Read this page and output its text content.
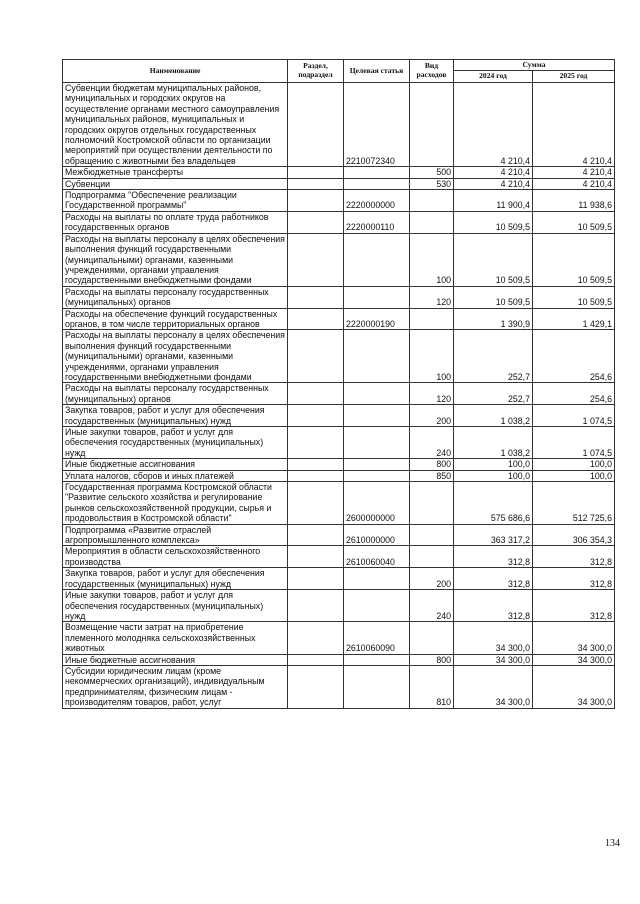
Наименование	Раздел, подраздел	Целевая статья	Вид расходов	Сумма	
				2024 год	2025 год
Субвенции бюджетам муниципальных районов, муниципальных и городских округов на осуществление органами местного самоуправления муниципальных районов, муниципальных и городских округов отдельных государственных полномочий Костромской области по организации мероприятий при осуществлении деятельности по обращению с животными без владельцев		2210072340		4 210,4	4 210,4
Межбюджетные трансферты			500	4 210,4	4 210,4
Субвенции			530	4 210,4	4 210,4
Подпрограмма "Обеспечение реализации Государственной программы"		2220000000		11 900,4	11 938,6
Расходы на выплаты по оплате труда работников государственных органов		2220000110		10 509,5	10 509,5
Расходы на выплаты персоналу в целях обеспечения выполнения функций государственными (муниципальными) органами, казенными учреждениями, органами управления государственными внебюджетными фондами			100	10 509,5	10 509,5
Расходы на выплаты персоналу государственных (муниципальных) органов			120	10 509,5	10 509,5
Расходы на обеспечение функций государственных органов, в том числе территориальных органов		2220000190		1 390,9	1 429,1
Расходы на выплаты персоналу в целях обеспечения выполнения функций государственными (муниципальными) органами, казенными учреждениями, органами управления государственными внебюджетными фондами			100	252,7	254,6
Расходы на выплаты персоналу государственных (муниципальных) органов			120	252,7	254,6
Закупка товаров, работ и услуг для обеспечения государственных (муниципальных) нужд			200	1 038,2	1 074,5
Иные закупки товаров, работ и услуг для обеспечения государственных (муниципальных) нужд			240	1 038,2	1 074,5
Иные бюджетные ассигнования			800	100,0	100,0
Уплата налогов, сборов и иных платежей			850	100,0	100,0
Государственная программа Костромской области "Развитие сельского хозяйства и регулирование рынков сельскохозяйственной продукции, сырья и продовольствия в Костромской области"		2600000000		575 686,6	512 725,6
Подпрограмма «Развитие отраслей агропромышленного комплекса»		2610000000		363 317,2	306 354,3
Мероприятия в области сельскохозяйственного производства		2610060040		312,8	312,8
Закупка товаров, работ и услуг для обеспечения государственных (муниципальных) нужд			200	312,8	312,8
Иные закупки товаров, работ и услуг для обеспечения государственных (муниципальных) нужд			240	312,8	312,8
Возмещение части затрат на приобретение племенного молодняка сельскохозяйственных животных		2610060090		34 300,0	34 300,0
Иные бюджетные ассигнования			800	34 300,0	34 300,0
Субсидии юридическим лицам (кроме некоммерческих организаций), индивидуальным предпринимателям, физическим лицам - производителям товаров, работ, услуг			810	34 300,0	34 300,0
134
